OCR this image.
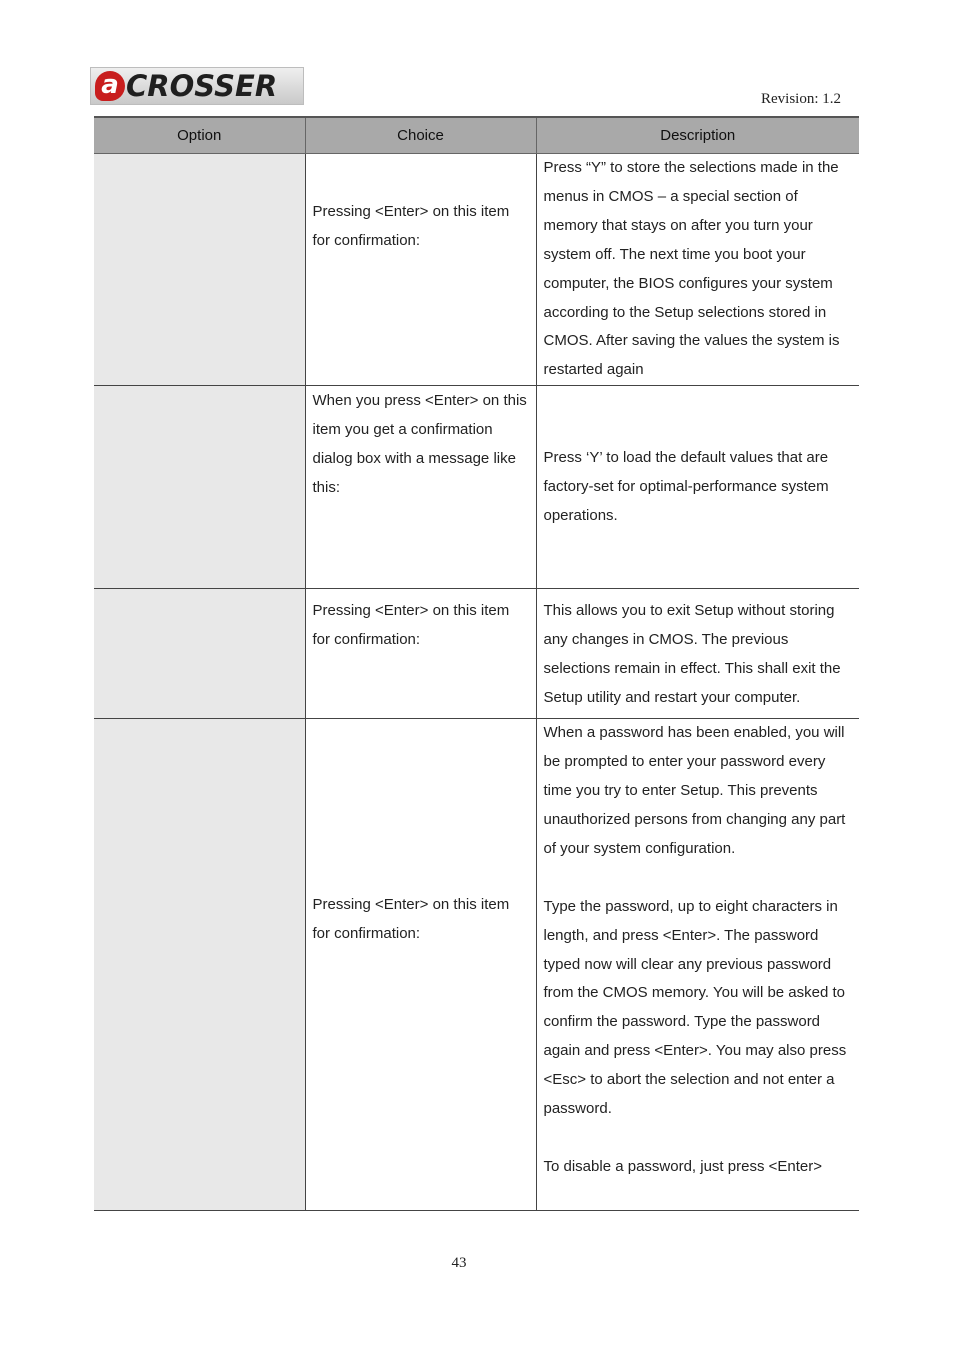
a CROSSER	Revision: 1.2
Option	Choice	Description
	Pressing <Enter> on this item for confirmation:	Press “Y” to store the selections made in the menus in CMOS – a special section of memory that stays on after you turn your system off. The next time you boot your computer, the BIOS configures your system according to the Setup selections stored in CMOS. After saving the values the system is restarted again
	When you press <Enter> on this item you get a confirmation dialog box with a message like this:	Press ‘Y’ to load the default values that are factory-set for optimal-performance system operations.
	Pressing <Enter> on this item for confirmation:	This allows you to exit Setup without storing any changes in CMOS. The previous selections remain in effect. This shall exit the Setup utility and restart your computer.
	Pressing <Enter> on this item for confirmation:	When a password has been enabled, you will be prompted to enter your password every time you try to enter Setup. This prevents unauthorized persons from changing any part of your system configuration.

Type the password, up to eight characters in length, and press <Enter>. The password typed now will clear any previous password from the CMOS memory. You will be asked to confirm the password. Type the password again and press <Enter>. You may also press <Esc> to abort the selection and not enter a password.

To disable a password, just press <Enter>
43
